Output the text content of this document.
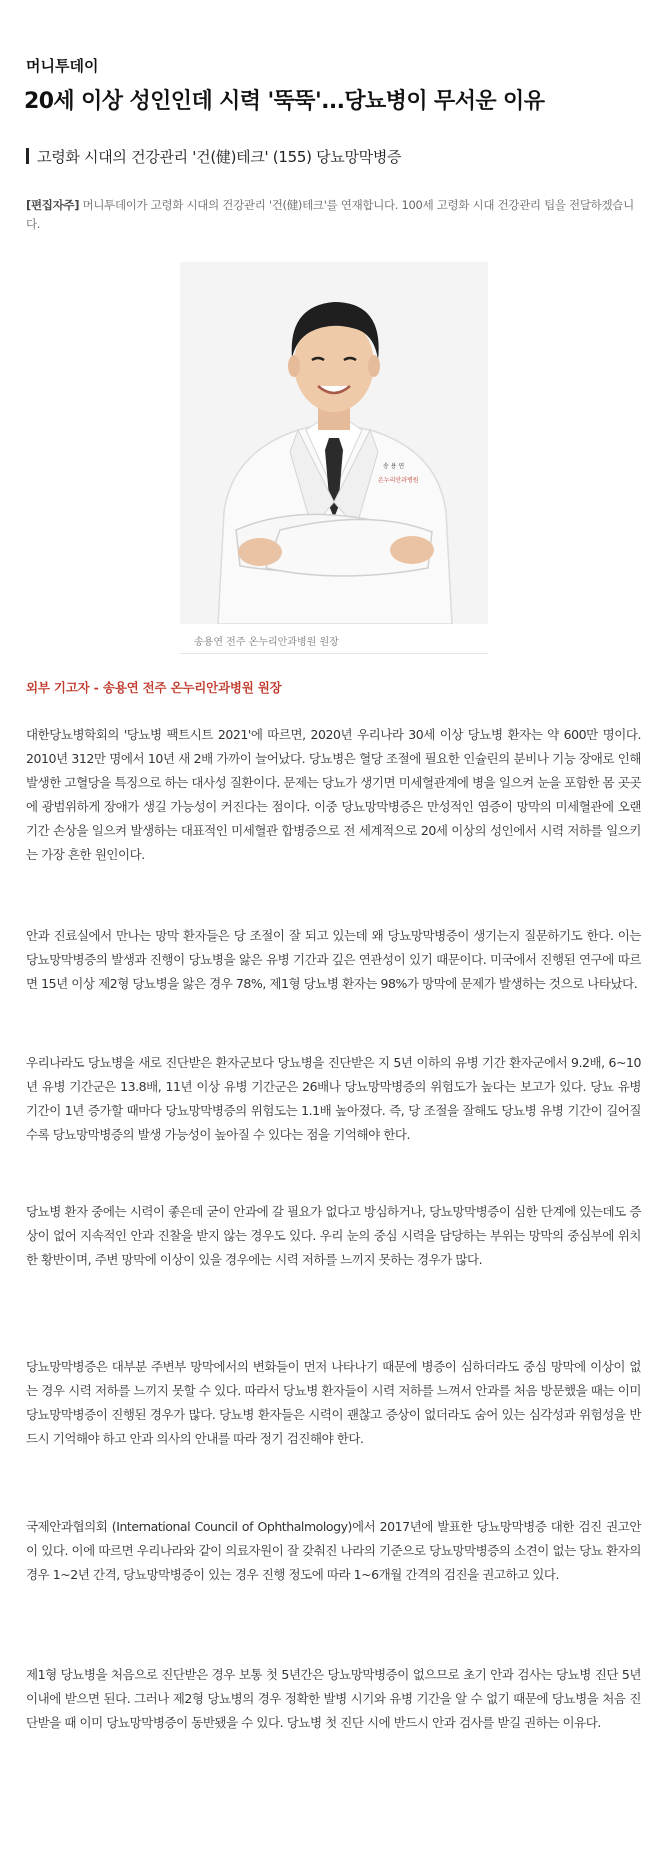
머니투데이
20세 이상 성인인데 시력 '뚝뚝'...당뇨병이 무서운 이유
고령화 시대의 건강관리 '건(健)테크' (155) 당뇨망막병증

[편집자주] 머니투데이가 고령화 시대의 건강관리 '건(健)테크'를 연재합니다. 100세 고령화 시대 건강관리 팁을 전달하겠습니다.

송 용 연
온누리안과병원
송용연 전주 온누리안과병원 원장
외부 기고자 - 송용연 전주 온누리안과병원 원장

대한당뇨병학회의 '당뇨병 팩트시트 2021'에 따르면, 2020년 우리나라 30세 이상 당뇨병 환자는 약 600만 명이다. 2010년 312만 명에서 10년 새 2배 가까이 늘어났다. 당뇨병은 혈당 조절에 필요한 인슐린의 분비나 기능 장애로 인해 발생한 고혈당을 특징으로 하는 대사성 질환이다. 문제는 당뇨가 생기면 미세혈관계에 병을 일으켜 눈을 포함한 몸 곳곳에 광범위하게 장애가 생길 가능성이 커진다는 점이다. 이중 당뇨망막병증은 만성적인 염증이 망막의 미세혈관에 오랜 기간 손상을 일으켜 발생하는 대표적인 미세혈관 합병증으로 전 세계적으로 20세 이상의 성인에서 시력 저하를 일으키는 가장 흔한 원인이다.

안과 진료실에서 만나는 망막 환자들은 당 조절이 잘 되고 있는데 왜 당뇨망막병증이 생기는지 질문하기도 한다. 이는 당뇨망막병증의 발생과 진행이 당뇨병을 앓은 유병 기간과 깊은 연관성이 있기 때문이다. 미국에서 진행된 연구에 따르면 15년 이상 제2형 당뇨병을 앓은 경우 78%, 제1형 당뇨병 환자는 98%가 망막에 문제가 발생하는 것으로 나타났다.

우리나라도 당뇨병을 새로 진단받은 환자군보다 당뇨병을 진단받은 지 5년 이하의 유병 기간 환자군에서 9.2배, 6~10년 유병 기간군은 13.8배, 11년 이상 유병 기간군은 26배나 당뇨망막병증의 위험도가 높다는 보고가 있다. 당뇨 유병 기간이 1년 증가할 때마다 당뇨망막병증의 위험도는 1.1배 높아졌다. 즉, 당 조절을 잘해도 당뇨병 유병 기간이 길어질수록 당뇨망막병증의 발생 가능성이 높아질 수 있다는 점을 기억해야 한다.

당뇨병 환자 중에는 시력이 좋은데 굳이 안과에 갈 필요가 없다고 방심하거나, 당뇨망막병증이 심한 단계에 있는데도 증상이 없어 지속적인 안과 진찰을 받지 않는 경우도 있다. 우리 눈의 중심 시력을 담당하는 부위는 망막의 중심부에 위치한 황반이며, 주변 망막에 이상이 있을 경우에는 시력 저하를 느끼지 못하는 경우가 많다.

당뇨망막병증은 대부분 주변부 망막에서의 변화들이 먼저 나타나기 때문에 병증이 심하더라도 중심 망막에 이상이 없는 경우 시력 저하를 느끼지 못할 수 있다. 따라서 당뇨병 환자들이 시력 저하를 느껴서 안과를 처음 방문했을 때는 이미 당뇨망막병증이 진행된 경우가 많다. 당뇨병 환자들은 시력이 괜찮고 증상이 없더라도 숨어 있는 심각성과 위험성을 반드시 기억해야 하고 안과 의사의 안내를 따라 정기 검진해야 한다.

국제안과협의회 (International Council of Ophthalmology)에서 2017년에 발표한 당뇨망막병증 대한 검진 권고안이 있다. 이에 따르면 우리나라와 같이 의료자원이 잘 갖춰진 나라의 기준으로 당뇨망막병증의 소견이 없는 당뇨 환자의 경우 1~2년 간격, 당뇨망막병증이 있는 경우 진행 정도에 따라 1~6개월 간격의 검진을 권고하고 있다.

제1형 당뇨병을 처음으로 진단받은 경우 보통 첫 5년간은 당뇨망막병증이 없으므로 초기 안과 검사는 당뇨병 진단 5년 이내에 받으면 된다. 그러나 제2형 당뇨병의 경우 정확한 발병 시기와 유병 기간을 알 수 없기 때문에 당뇨병을 처음 진단받을 때 이미 당뇨망막병증이 동반됐을 수 있다. 당뇨병 첫 진단 시에 반드시 안과 검사를 받길 권하는 이유다.
